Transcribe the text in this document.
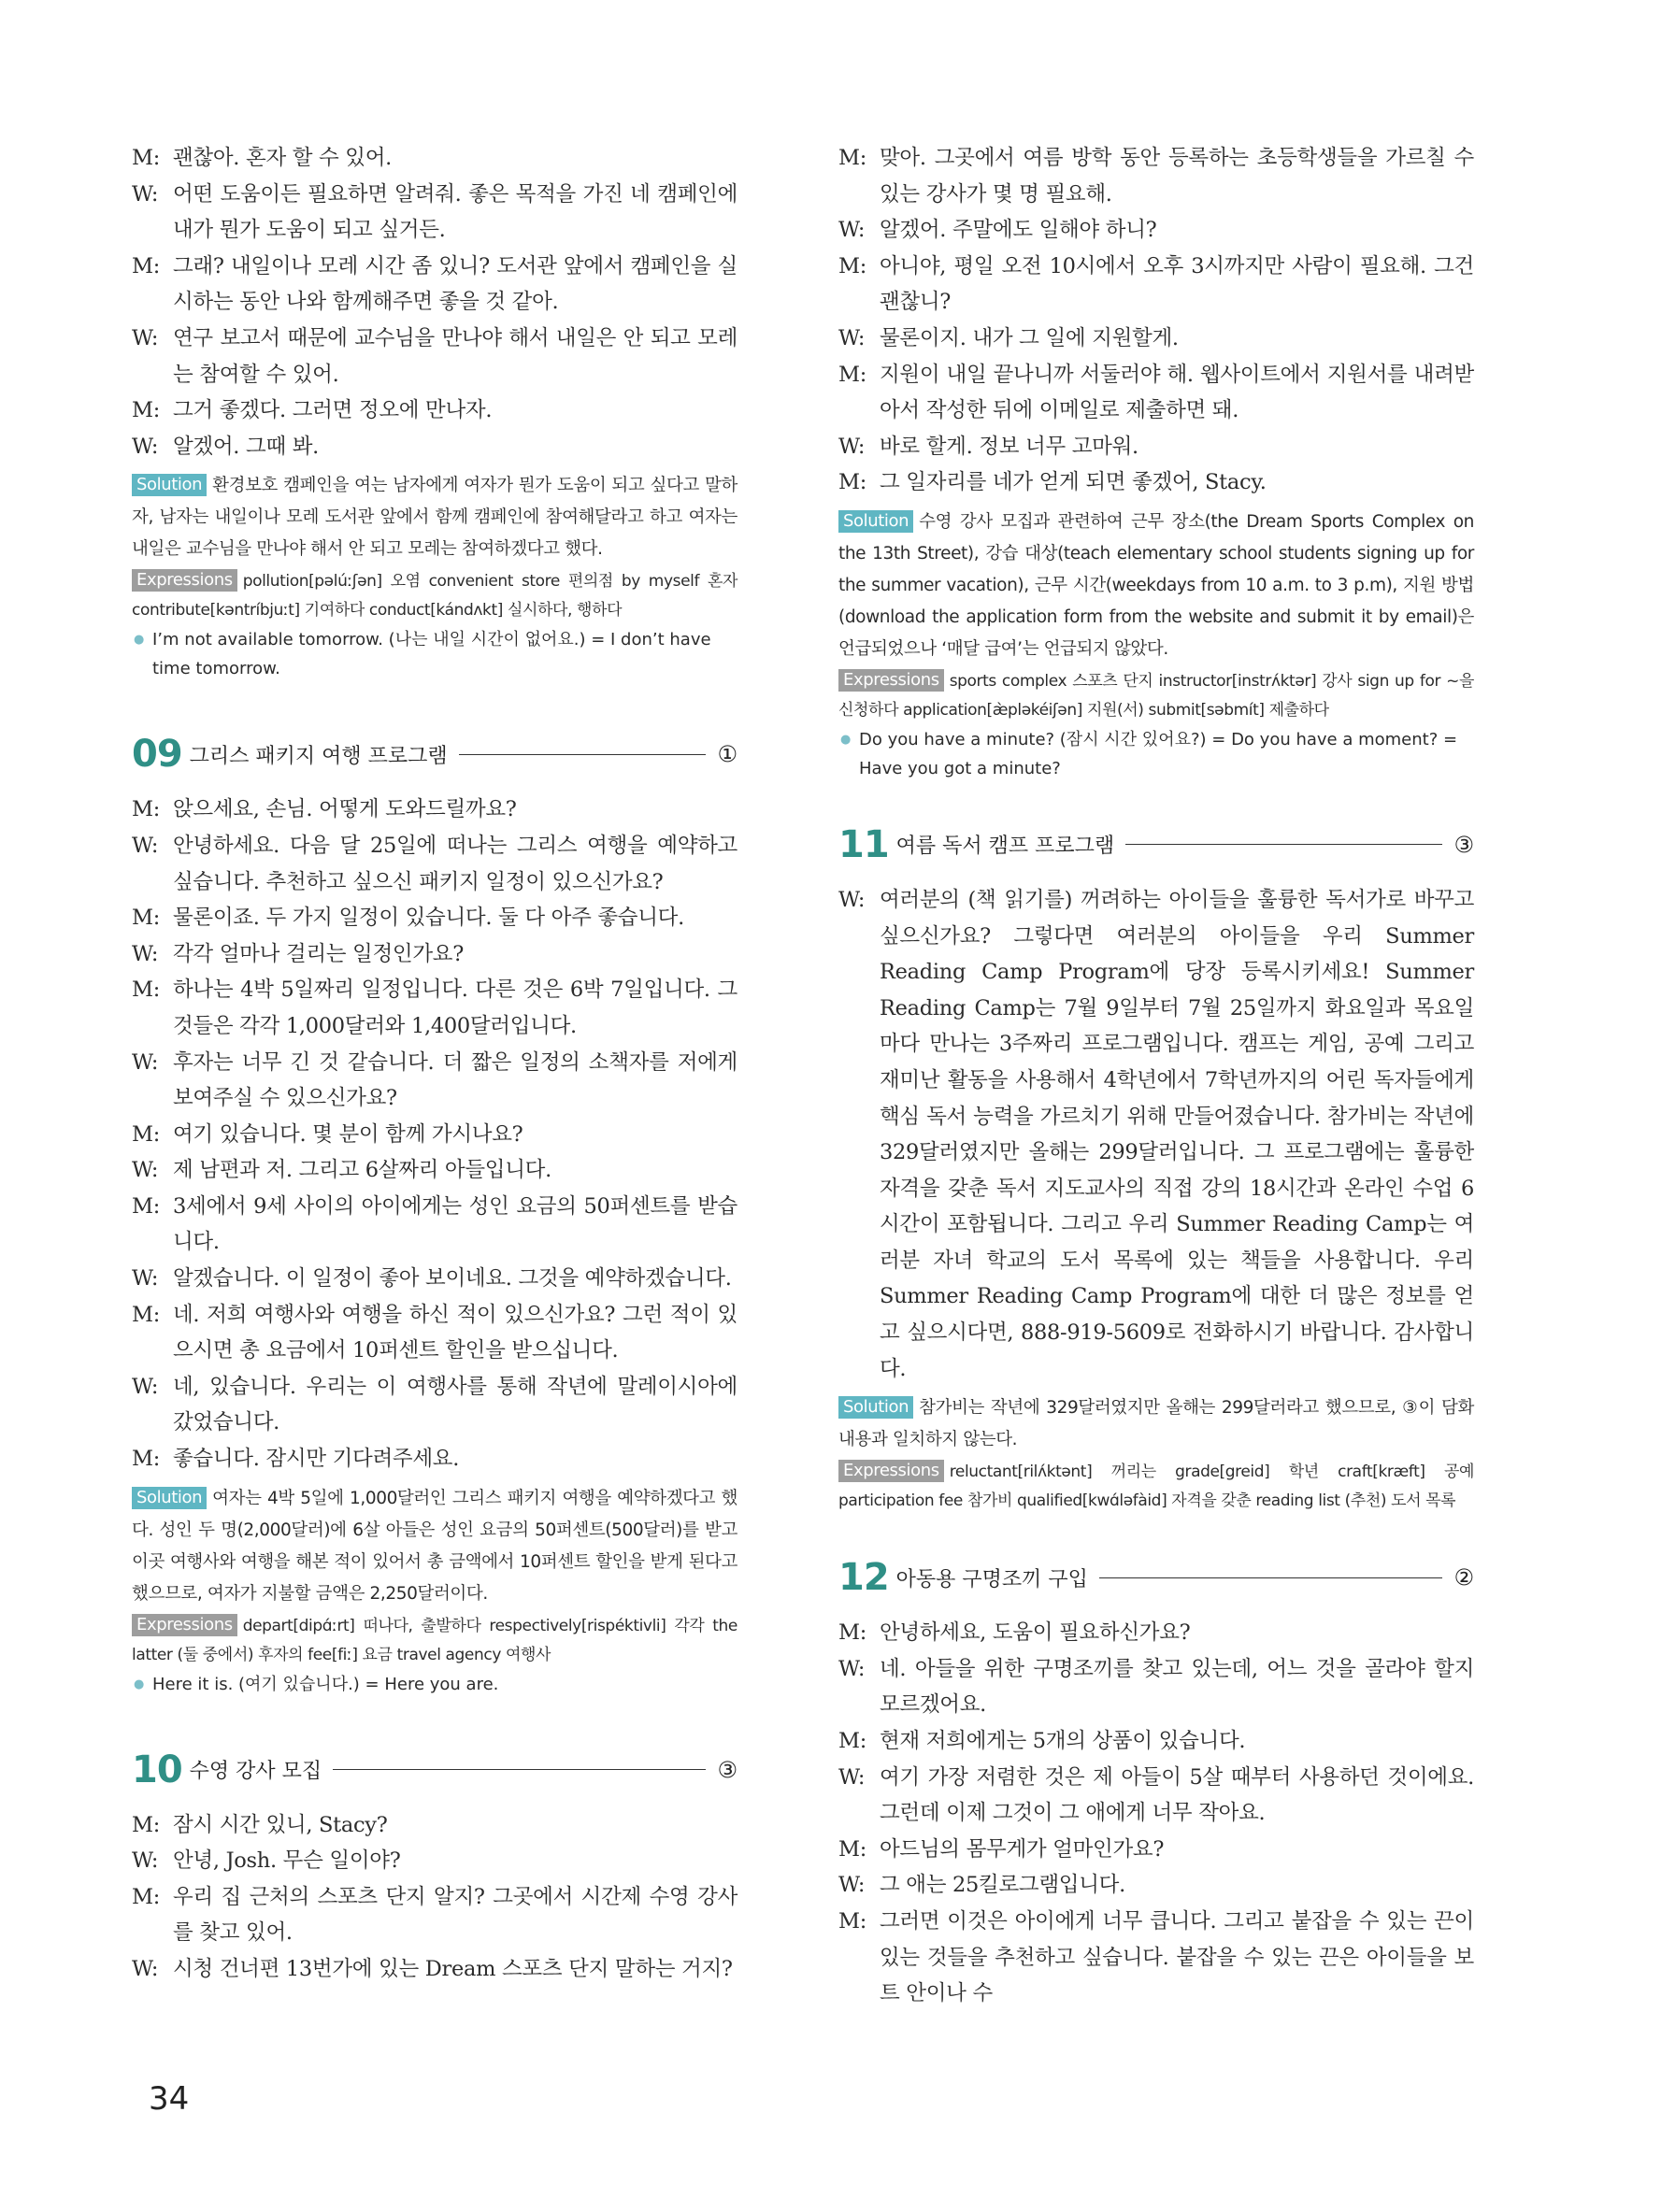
M: 괜찮아. 혼자 할 수 있어.
W: 어떤 도움이든 필요하면 알려줘. 좋은 목적을 가진 네 캠페인에 내가 뭔가 도움이 되고 싶거든.
M: 그래? 내일이나 모레 시간 좀 있니? 도서관 앞에서 캠페인을 실시하는 동안 나와 함께해주면 좋을 것 같아.
W: 연구 보고서 때문에 교수님을 만나야 해서 내일은 안 되고 모레는 참여할 수 있어.
M: 그거 좋겠다. 그러면 정오에 만나자.
W: 알겠어. 그때 봐.
Solution 환경보호 캠페인을 여는 남자에게 여자가 뭔가 도움이 되고 싶다고 말하자, 남자는 내일이나 모레 도서관 앞에서 함께 캠페인에 참여해달라고 하고 여자는 내일은 교수님을 만나야 해서 안 되고 모레는 참여하겠다고 했다.
Expressions pollution[pəlúːʃən] 오염 convenient store 편의점 by myself 혼자 contribute[kəntríbjuːt] 기여하다 conduct[kándʌkt] 실시하다, 행하다
● I’m not available tomorrow. (나는 내일 시간이 없어요.) = I don’t have time tomorrow.
09 그리스 패키지 여행 프로그램	①
M: 앉으세요, 손님. 어떻게 도와드릴까요?
W: 안녕하세요. 다음 달 25일에 떠나는 그리스 여행을 예약하고 싶습니다. 추천하고 싶으신 패키지 일정이 있으신가요?
M: 물론이죠. 두 가지 일정이 있습니다. 둘 다 아주 좋습니다.
W: 각각 얼마나 걸리는 일정인가요?
M: 하나는 4박 5일짜리 일정입니다. 다른 것은 6박 7일입니다. 그것들은 각각 1,000달러와 1,400달러입니다.
W: 후자는 너무 긴 것 같습니다. 더 짧은 일정의 소책자를 저에게 보여주실 수 있으신가요?
M: 여기 있습니다. 몇 분이 함께 가시나요?
W: 제 남편과 저. 그리고 6살짜리 아들입니다.
M: 3세에서 9세 사이의 아이에게는 성인 요금의 50퍼센트를 받습니다.
W: 알겠습니다. 이 일정이 좋아 보이네요. 그것을 예약하겠습니다.
M: 네. 저희 여행사와 여행을 하신 적이 있으신가요? 그런 적이 있으시면 총 요금에서 10퍼센트 할인을 받으십니다.
W: 네, 있습니다. 우리는 이 여행사를 통해 작년에 말레이시아에 갔었습니다.
M: 좋습니다. 잠시만 기다려주세요.
Solution 여자는 4박 5일에 1,000달러인 그리스 패키지 여행을 예약하겠다고 했다. 성인 두 명(2,000달러)에 6살 아들은 성인 요금의 50퍼센트(500달러)를 받고 이곳 여행사와 여행을 해본 적이 있어서 총 금액에서 10퍼센트 할인을 받게 된다고 했으므로, 여자가 지불할 금액은 2,250달러이다.
Expressions depart[dipɑ́ːrt] 떠나다, 출발하다 respectively[rispéktivli] 각각 the latter (둘 중에서) 후자의 fee[fiː] 요금 travel agency 여행사
● Here it is. (여기 있습니다.) = Here you are.
10 수영 강사 모집	③
M: 잠시 시간 있니, Stacy?
W: 안녕, Josh. 무슨 일이야?
M: 우리 집 근처의 스포츠 단지 알지? 그곳에서 시간제 수영 강사를 찾고 있어.
W: 시청 건너편 13번가에 있는 Dream 스포츠 단지 말하는 거지?
M: 맞아. 그곳에서 여름 방학 동안 등록하는 초등학생들을 가르칠 수 있는 강사가 몇 명 필요해.
W: 알겠어. 주말에도 일해야 하니?
M: 아니야, 평일 오전 10시에서 오후 3시까지만 사람이 필요해. 그건 괜찮니?
W: 물론이지. 내가 그 일에 지원할게.
M: 지원이 내일 끝나니까 서둘러야 해. 웹사이트에서 지원서를 내려받아서 작성한 뒤에 이메일로 제출하면 돼.
W: 바로 할게. 정보 너무 고마워.
M: 그 일자리를 네가 얻게 되면 좋겠어, Stacy.
Solution 수영 강사 모집과 관련하여 근무 장소(the Dream Sports Complex on the 13th Street), 강습 대상(teach elementary school students signing up for the summer vacation), 근무 시간(weekdays from 10 a.m. to 3 p.m), 지원 방법(download the application form from the website and submit it by email)은 언급되었으나 ‘매달 급여’는 언급되지 않았다.
Expressions sports complex 스포츠 단지 instructor[instrʌ́ktər] 강사 sign up for ~을 신청하다 application[æ̀pləkéiʃən] 지원(서) submit[səbmít] 제출하다
● Do you have a minute? (잠시 시간 있어요?) = Do you have a moment? = Have you got a minute?
11 여름 독서 캠프 프로그램	③
W: 여러분의 (책 읽기를) 꺼려하는 아이들을 훌륭한 독서가로 바꾸고 싶으신가요? 그렇다면 여러분의 아이들을 우리 Summer Reading Camp Program에 당장 등록시키세요! Summer Reading Camp는 7월 9일부터 7월 25일까지 화요일과 목요일마다 만나는 3주짜리 프로그램입니다. 캠프는 게임, 공예 그리고 재미난 활동을 사용해서 4학년에서 7학년까지의 어린 독자들에게 핵심 독서 능력을 가르치기 위해 만들어졌습니다. 참가비는 작년에 329달러였지만 올해는 299달러입니다. 그 프로그램에는 훌륭한 자격을 갖춘 독서 지도교사의 직접 강의 18시간과 온라인 수업 6시간이 포함됩니다. 그리고 우리 Summer Reading Camp는 여러분 자녀 학교의 도서 목록에 있는 책들을 사용합니다. 우리 Summer Reading Camp Program에 대한 더 많은 정보를 얻고 싶으시다면, 888-919-5609로 전화하시기 바랍니다. 감사합니다.
Solution 참가비는 작년에 329달러였지만 올해는 299달러라고 했으므로, ③이 담화 내용과 일치하지 않는다.
Expressions reluctant[rilʌ́ktənt] 꺼리는 grade[greid] 학년 craft[kræft] 공예 participation fee 참가비 qualified[kwɑ́ləfàid] 자격을 갖춘 reading list (추천) 도서 목록
12 아동용 구명조끼 구입	②
M: 안녕하세요, 도움이 필요하신가요?
W: 네. 아들을 위한 구명조끼를 찾고 있는데, 어느 것을 골라야 할지 모르겠어요.
M: 현재 저희에게는 5개의 상품이 있습니다.
W: 여기 가장 저렴한 것은 제 아들이 5살 때부터 사용하던 것이에요. 그런데 이제 그것이 그 애에게 너무 작아요.
M: 아드님의 몸무게가 얼마인가요?
W: 그 애는 25킬로그램입니다.
M: 그러면 이것은 아이에게 너무 큽니다. 그리고 붙잡을 수 있는 끈이 있는 것들을 추천하고 싶습니다. 붙잡을 수 있는 끈은 아이들을 보트 안이나 수
34
